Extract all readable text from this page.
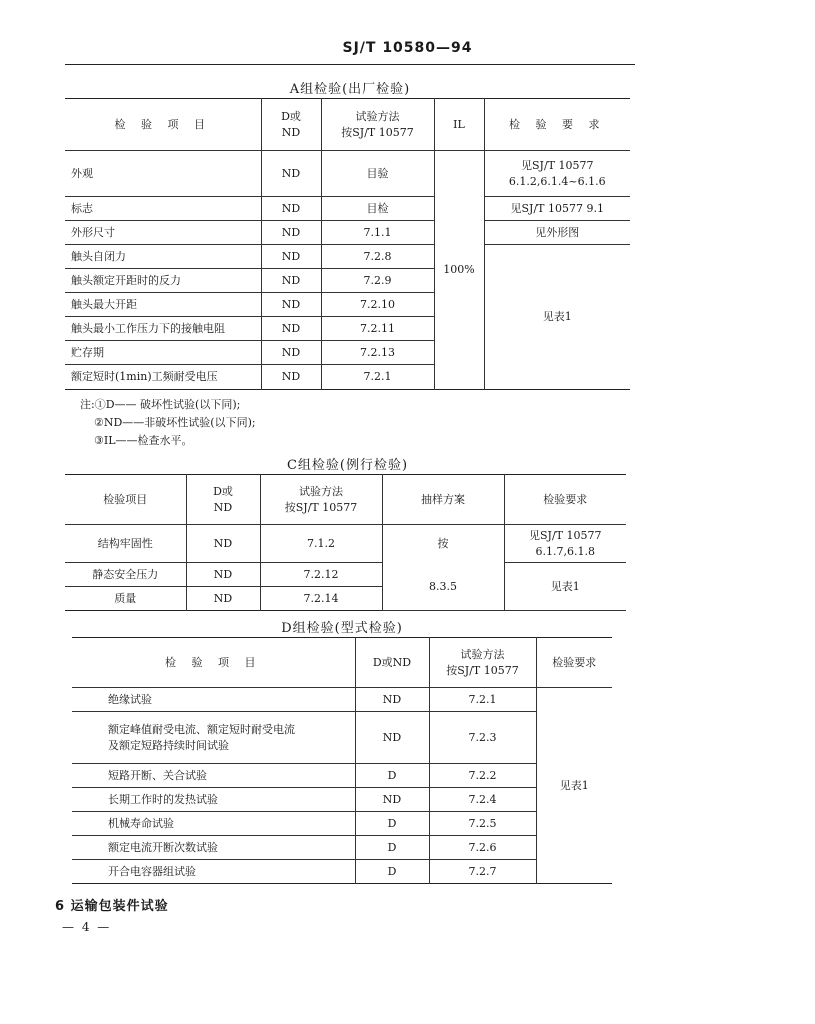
SJ/T 10580—94
A组检验(出厂检验)
检 验 项 目	D或
ND	试验方法
按SJ/T 10577	IL	检 验 要 求
外观	ND	目验	100%	见SJ/T 10577
6.1.2,6.1.4~6.1.6
标志	ND	目检		见SJ/T 10577 9.1
外形尺寸	ND	7.1.1		见外形图
触头自闭力	ND	7.2.8		见表1
触头额定开距时的反力	ND	7.2.9		
触头最大开距	ND	7.2.10		
触头最小工作压力下的接触电阻	ND	7.2.11		
贮存期	ND	7.2.13		
额定短时(1min)工频耐受电压	ND	7.2.1		
注:①D—— 破坏性试验(以下同);
②ND——非破坏性试验(以下同);
③IL——检查水平。
C组检验(例行检验)
检验项目	D或
ND	试验方法
按SJ/T 10577	抽样方案	检验要求
结构牢固性	ND	7.1.2	按	见SJ/T 10577
6.1.7,6.1.8
静态安全压力	ND	7.2.12	8.3.5	见表1
质量	ND	7.2.14		
D组检验(型式检验)
检 验 项 目	D或ND	试验方法
按SJ/T 10577	检验要求
绝缘试验	ND	7.2.1	见表1
额定峰值耐受电流、额定短时耐受电流
及额定短路持续时间试验	ND	7.2.3	
短路开断、关合试验	D	7.2.2	
长期工作时的发热试验	ND	7.2.4	
机械寿命试验	D	7.2.5	
额定电流开断次数试验	D	7.2.6	
开合电容器组试验	D	7.2.7	
6 运输包装件试验
— 4 —
